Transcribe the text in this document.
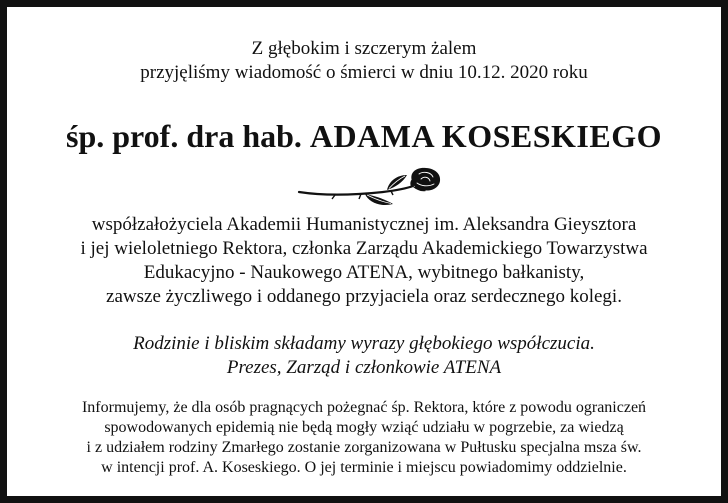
Z głębokim i szczerym żalem
przyjęliśmy wiadomość o śmierci w dniu 10.12. 2020 roku
śp. prof. dra hab. ADAMA KOSESKIEGO
współzałożyciela Akademii Humanistycznej im. Aleksandra Gieysztora
i jej wieloletniego Rektora, członka Zarządu Akademickiego Towarzystwa
Edukacyjno - Naukowego ATENA, wybitnego bałkanisty,
zawsze życzliwego i oddanego przyjaciela oraz serdecznego kolegi.
Rodzinie i bliskim składamy wyrazy głębokiego współczucia.
Prezes, Zarząd i członkowie ATENA
Informujemy, że dla osób pragnących pożegnać śp. Rektora, które z powodu ograniczeń
spowodowanych epidemią nie będą mogły wziąć udziału w pogrzebie, za wiedzą
i z udziałem rodziny Zmarłego zostanie zorganizowana w Pułtusku specjalna msza św.
w intencji prof. A. Koseskiego. O jej terminie i miejscu powiadomimy oddzielnie.
